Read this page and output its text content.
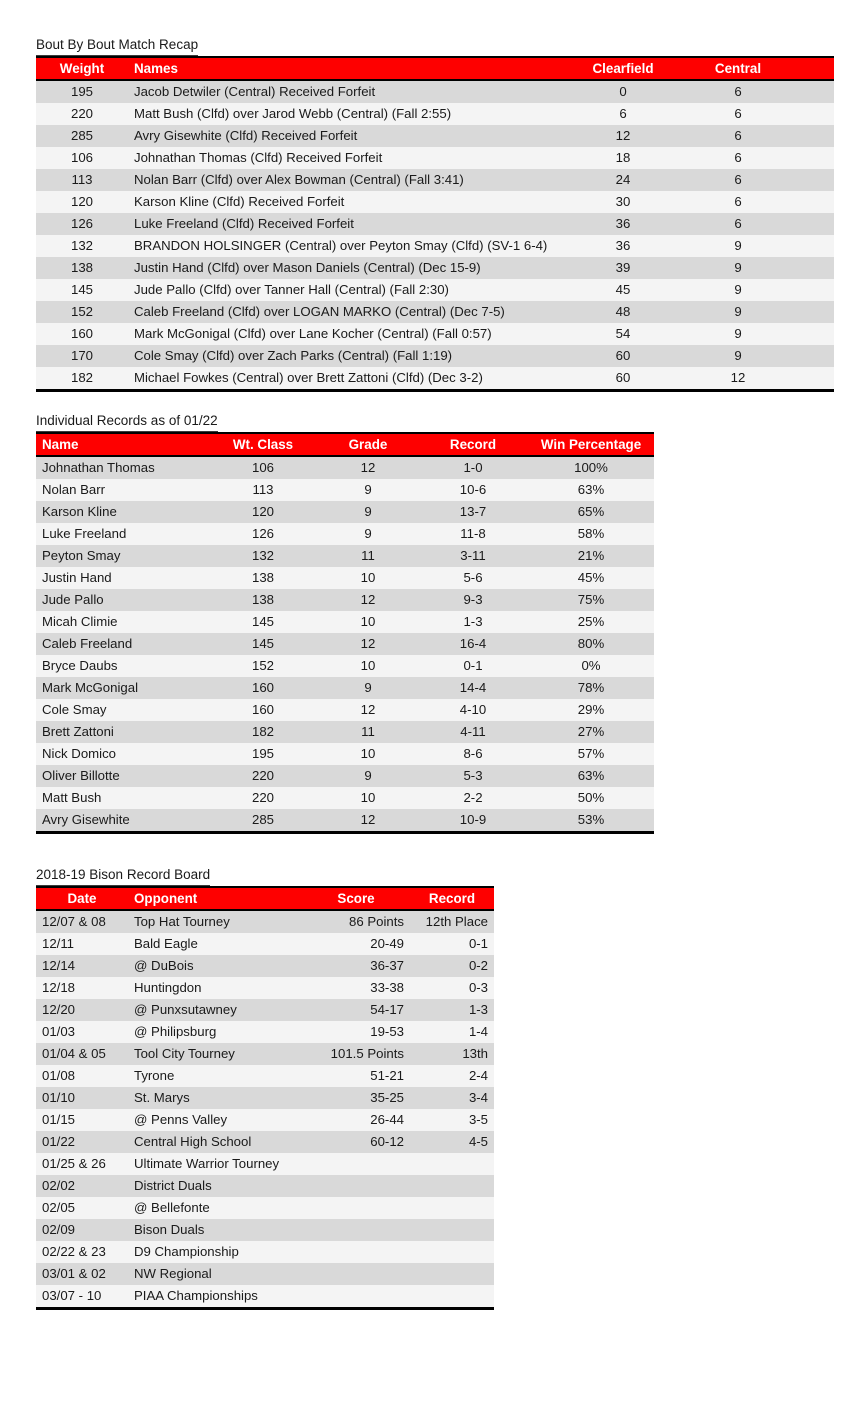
Bout By Bout Match Recap
Weight	Names	Clearfield	Central	
195	Jacob Detwiler (Central) Received Forfeit	0	6	
220	Matt Bush (Clfd) over Jarod Webb (Central) (Fall 2:55)	6	6	
285	Avry Gisewhite (Clfd) Received Forfeit	12	6	
106	Johnathan Thomas (Clfd) Received Forfeit	18	6	
113	Nolan Barr (Clfd) over Alex Bowman (Central) (Fall 3:41)	24	6	
120	Karson Kline (Clfd) Received Forfeit	30	6	
126	Luke Freeland (Clfd) Received Forfeit	36	6	
132	BRANDON HOLSINGER (Central) over Peyton Smay (Clfd) (SV-1 6-4)	36	9	
138	Justin Hand (Clfd) over Mason Daniels (Central) (Dec 15-9)	39	9	
145	Jude Pallo (Clfd) over Tanner Hall (Central) (Fall 2:30)	45	9	
152	Caleb Freeland (Clfd) over LOGAN MARKO (Central) (Dec 7-5)	48	9	
160	Mark McGonigal (Clfd) over Lane Kocher (Central) (Fall 0:57)	54	9	
170	Cole Smay (Clfd) over Zach Parks (Central) (Fall 1:19)	60	9	
182	Michael Fowkes (Central) over Brett Zattoni (Clfd) (Dec 3-2)	60	12	
Individual Records as of 01/22
Name	Wt. Class	Grade	Record	Win Percentage
Johnathan Thomas	106	12	1-0	100%
Nolan Barr	113	9	10-6	63%
Karson Kline	120	9	13-7	65%
Luke Freeland	126	9	11-8	58%
Peyton Smay	132	11	3-11	21%
Justin Hand	138	10	5-6	45%
Jude Pallo	138	12	9-3	75%
Micah Climie	145	10	1-3	25%
Caleb Freeland	145	12	16-4	80%
Bryce Daubs	152	10	0-1	0%
Mark McGonigal	160	9	14-4	78%
Cole Smay	160	12	4-10	29%
Brett Zattoni	182	11	4-11	27%
Nick Domico	195	10	8-6	57%
Oliver Billotte	220	9	5-3	63%
Matt Bush	220	10	2-2	50%
Avry Gisewhite	285	12	10-9	53%
2018-19 Bison Record Board
Date	Opponent	Score	Record
12/07 & 08	Top Hat Tourney	86 Points	12th Place
12/11	Bald Eagle	20-49	0-1
12/14	@ DuBois	36-37	0-2
12/18	Huntingdon	33-38	0-3
12/20	@ Punxsutawney	54-17	1-3
01/03	@ Philipsburg	19-53	1-4
01/04 & 05	Tool City Tourney	101.5 Points	13th
01/08	Tyrone	51-21	2-4
01/10	St. Marys	35-25	3-4
01/15	@ Penns Valley	26-44	3-5
01/22	Central High School	60-12	4-5
01/25 & 26	Ultimate Warrior Tourney		
02/02	District Duals		
02/05	@ Bellefonte		
02/09	Bison Duals		
02/22 & 23	D9 Championship		
03/01 & 02	NW Regional		
03/07 - 10	PIAA Championships		
